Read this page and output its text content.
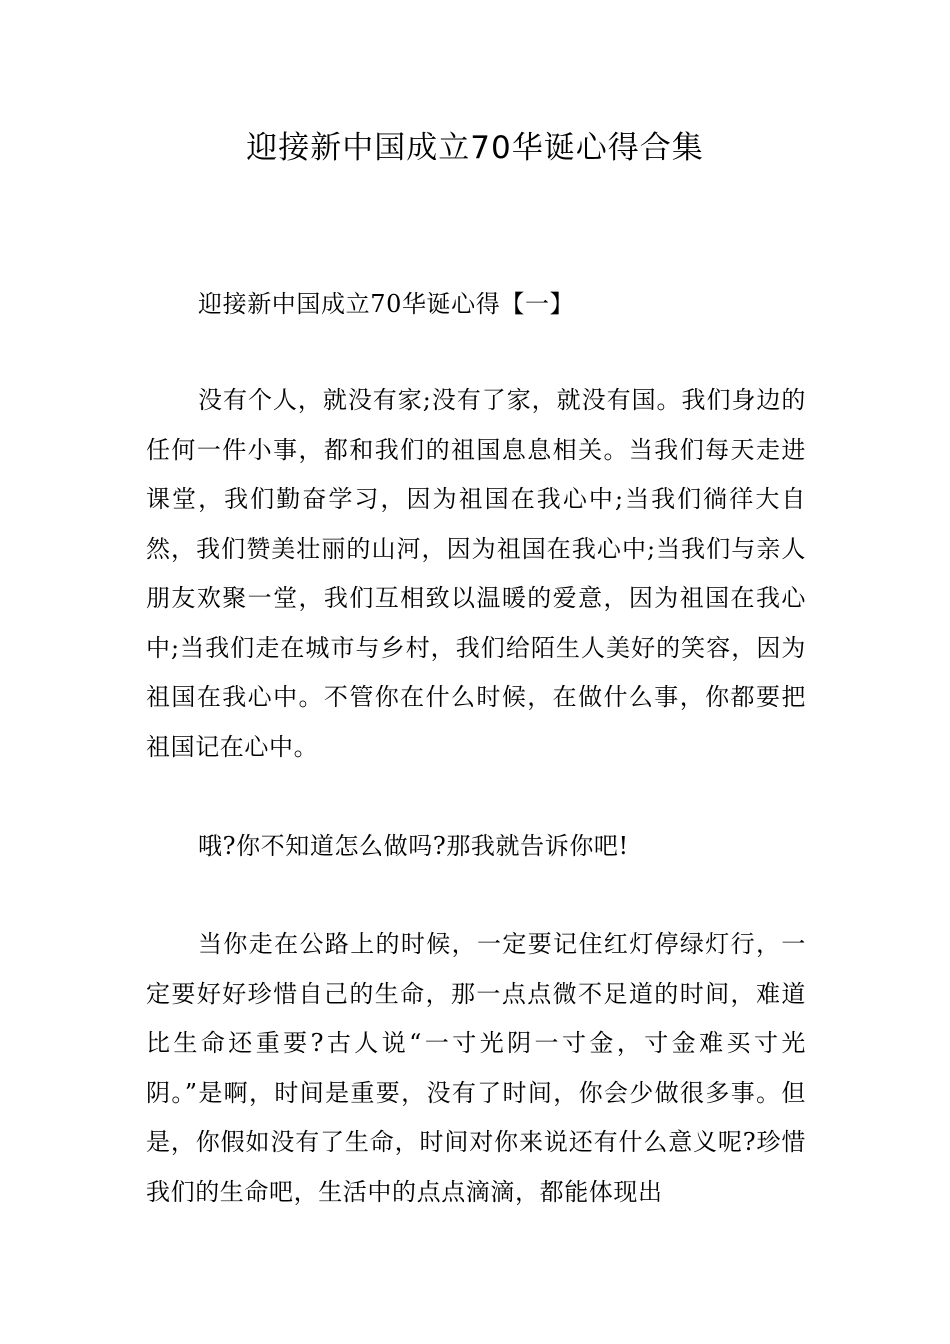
迎接新中国成立70华诞心得合集

迎接新中国成立70华诞心得【一】

没有个人，就没有家;没有了家，就没有国。我们身边的任何一件小事，都和我们的祖国息息相关。当我们每天走进课堂，我们勤奋学习，因为祖国在我心中;当我们徜徉大自然，我们赞美壮丽的山河，因为祖国在我心中;当我们与亲人朋友欢聚一堂，我们互相致以温暖的爱意，因为祖国在我心中;当我们走在城市与乡村，我们给陌生人美好的笑容，因为祖国在我心中。不管你在什么时候，在做什么事，你都要把祖国记在心中。

哦?你不知道怎么做吗?那我就告诉你吧!

当你走在公路上的时候，一定要记住红灯停绿灯行，一定要好好珍惜自己的生命，那一点点微不足道的时间，难道比生命还重要?古人说“一寸光阴一寸金，寸金难买寸光阴。”是啊，时间是重要，没有了时间，你会少做很多事。但是，你假如没有了生命，时间对你来说还有什么意义呢?珍惜我们的生命吧，生活中的点点滴滴，都能体现出
